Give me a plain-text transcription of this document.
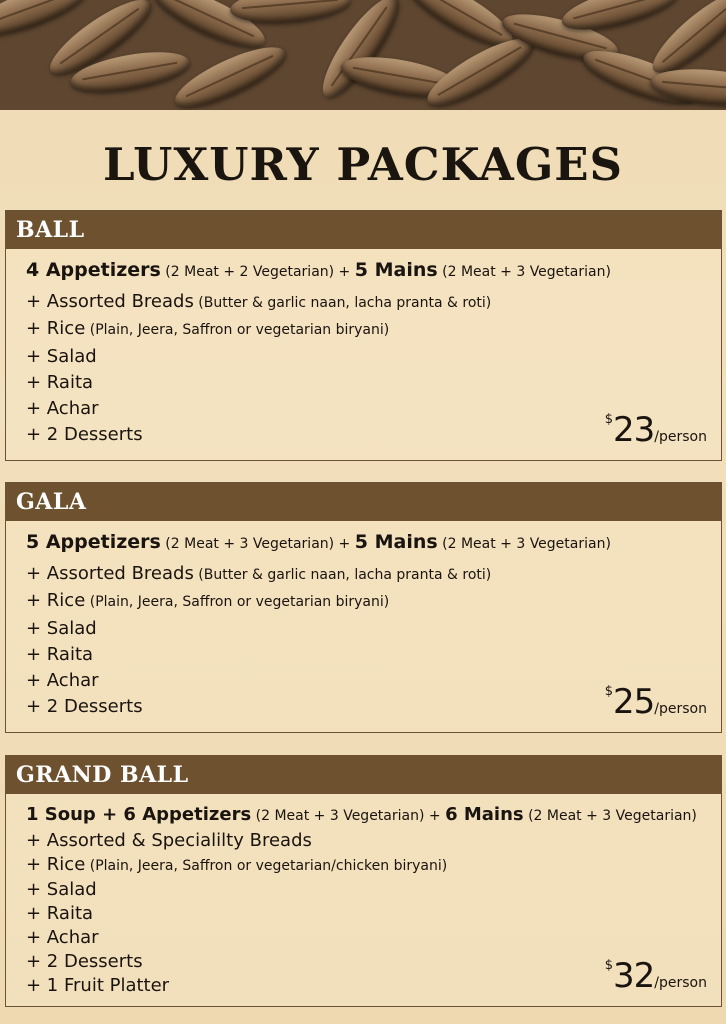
LUXURY PACKAGES
BALL
4 Appetizers (2 Meat + 2 Vegetarian) + 5 Mains (2 Meat + 3 Vegetarian)
+ Assorted Breads (Butter & garlic naan, lacha pranta & roti)
+ Rice (Plain, Jeera, Saffron or vegetarian biryani)
+ Salad
+ Raita
+ Achar
+ 2 Desserts
$23/person
GALA
5 Appetizers (2 Meat + 3 Vegetarian) + 5 Mains (2 Meat + 3 Vegetarian)
+ Assorted Breads (Butter & garlic naan, lacha pranta & roti)
+ Rice (Plain, Jeera, Saffron or vegetarian biryani)
+ Salad
+ Raita
+ Achar
+ 2 Desserts
$25/person
GRAND BALL
1 Soup + 6 Appetizers (2 Meat + 3 Vegetarian) + 6 Mains (2 Meat + 3 Vegetarian)
+ Assorted & Specialilty Breads
+ Rice (Plain, Jeera, Saffron or vegetarian/chicken biryani)
+ Salad
+ Raita
+ Achar
+ 2 Desserts
+ 1 Fruit Platter
$32/person
